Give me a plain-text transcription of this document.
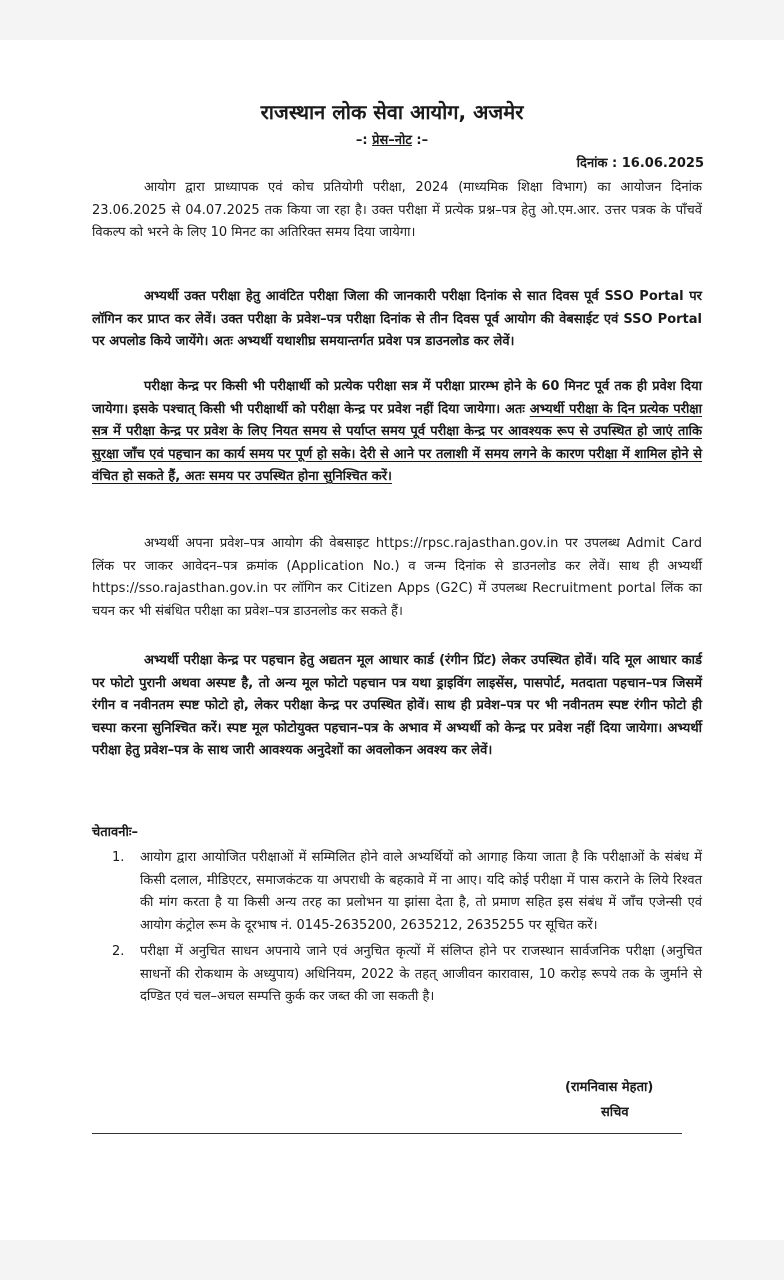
राजस्थान लोक सेवा आयोग, अजमेर
–: प्रेस–नोट :–
दिनांक : 16.06.2025
आयोग द्वारा प्राध्यापक एवं कोच प्रतियोगी परीक्षा, 2024 (माध्यमिक शिक्षा विभाग) का आयोजन दिनांक 23.06.2025 से 04.07.2025 तक किया जा रहा है। उक्त परीक्षा में प्रत्येक प्रश्न–पत्र हेतु ओ.एम.आर. उत्तर पत्रक के पाँचवें विकल्प को भरने के लिए 10 मिनट का अतिरिक्त समय दिया जायेगा।
अभ्यर्थी उक्त परीक्षा हेतु आवंटित परीक्षा जिला की जानकारी परीक्षा दिनांक से सात दिवस पूर्व SSO Portal पर लॉगिन कर प्राप्त कर लेवें। उक्त परीक्षा के प्रवेश–पत्र परीक्षा दिनांक से तीन दिवस पूर्व आयोग की वेबसाईट एवं SSO Portal पर अपलोड किये जायेंगे। अतः अभ्यर्थी यथाशीघ्र समयान्तर्गत प्रवेश पत्र डाउनलोड कर लेवें।
परीक्षा केन्द्र पर किसी भी परीक्षार्थी को प्रत्येक परीक्षा सत्र में परीक्षा प्रारम्भ होने के 60 मिनट पूर्व तक ही प्रवेश दिया जायेगा। इसके पश्चात् किसी भी परीक्षार्थी को परीक्षा केन्द्र पर प्रवेश नहीं दिया जायेगा। अतः अभ्यर्थी परीक्षा के दिन प्रत्येक परीक्षा सत्र में परीक्षा केन्द्र पर प्रवेश के लिए नियत समय से पर्याप्त समय पूर्व परीक्षा केन्द्र पर आवश्यक रूप से उपस्थित हो जाएं ताकि सुरक्षा जाँच एवं पहचान का कार्य समय पर पूर्ण हो सके। देरी से आने पर तलाशी में समय लगने के कारण परीक्षा में शामिल होने से वंचित हो सकते हैं, अतः समय पर उपस्थित होना सुनिश्चित करें।
अभ्यर्थी अपना प्रवेश–पत्र आयोग की वेबसाइट https://rpsc.rajasthan.gov.in पर उपलब्ध Admit Card लिंक पर जाकर आवेदन–पत्र क्रमांक (Application No.) व जन्म दिनांक से डाउनलोड कर लेवें। साथ ही अभ्यर्थी https://sso.rajasthan.gov.in पर लॉगिन कर Citizen Apps (G2C) में उपलब्ध Recruitment portal लिंक का चयन कर भी संबंधित परीक्षा का प्रवेश–पत्र डाउनलोड कर सकते हैं।
अभ्यर्थी परीक्षा केन्द्र पर पहचान हेतु अद्यतन मूल आधार कार्ड (रंगीन प्रिंट) लेकर उपस्थित होवें। यदि मूल आधार कार्ड पर फोटो पुरानी अथवा अस्पष्ट है, तो अन्य मूल फोटो पहचान पत्र यथा ड्राइविंग लाइसेंस, पासपोर्ट, मतदाता पहचान–पत्र जिसमें रंगीन व नवीनतम स्पष्ट फोटो हो, लेकर परीक्षा केन्द्र पर उपस्थित होवें। साथ ही प्रवेश–पत्र पर भी नवीनतम स्पष्ट रंगीन फोटो ही चस्पा करना सुनिश्चित करें। स्पष्ट मूल फोटोयुक्त पहचान–पत्र के अभाव में अभ्यर्थी को केन्द्र पर प्रवेश नहीं दिया जायेगा। अभ्यर्थी परीक्षा हेतु प्रवेश–पत्र के साथ जारी आवश्यक अनुदेशों का अवलोकन अवश्य कर लेवें।
चेतावनीः–
1. आयोग द्वारा आयोजित परीक्षाओं में सम्मिलित होने वाले अभ्यर्थियों को आगाह किया जाता है कि परीक्षाओं के संबंध में किसी दलाल, मीडिएटर, समाजकंटक या अपराधी के बहकावे में ना आए। यदि कोई परीक्षा में पास कराने के लिये रिश्वत की मांग करता है या किसी अन्य तरह का प्रलोभन या झांसा देता है, तो प्रमाण सहित इस संबंध में जाँच एजेन्सी एवं आयोग कंट्रोल रूम के दूरभाष नं. 0145-2635200, 2635212, 2635255 पर सूचित करें।
2. परीक्षा में अनुचित साधन अपनाये जाने एवं अनुचित कृत्यों में संलिप्त होने पर राजस्थान सार्वजनिक परीक्षा (अनुचित साधनों की रोकथाम के अध्युपाय) अधिनियम, 2022 के तहत् आजीवन कारावास, 10 करोड़ रूपये तक के जुर्माने से दण्डित एवं चल–अचल सम्पत्ति कुर्क कर जब्त की जा सकती है।
(रामनिवास मेहता)
सचिव
